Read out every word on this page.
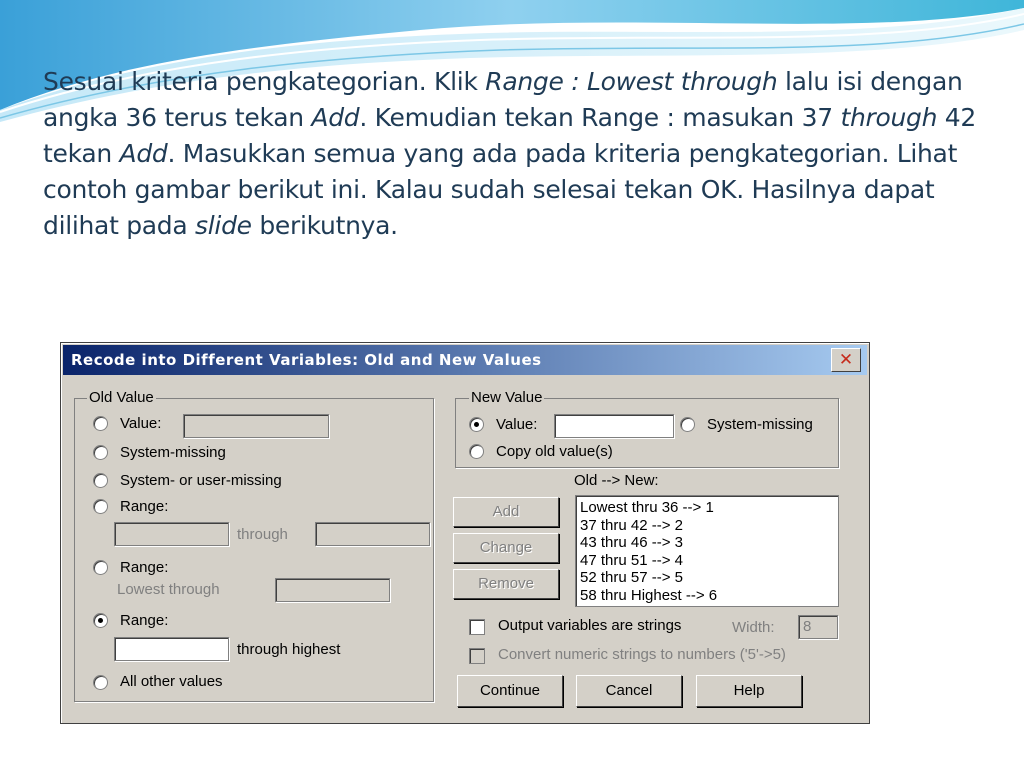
Sesuai kriteria pengkategorian. Klik Range : Lowest through lalu isi dengan angka 36 terus tekan Add. Kemudian tekan Range : masukan 37 through 42 tekan Add. Masukkan semua yang ada pada kriteria pengkategorian. Lihat contoh gambar berikut ini. Kalau sudah selesai tekan OK. Hasilnya dapat dilihat pada slide berikutnya.
Recode into Different Variables: Old and New Values	✕
Old Value
Value:
System-missing
System- or user-missing
Range:
through
Range:
Lowest through
Range:
through highest
All other values
New Value
Value:	System-missing
Copy old value(s)
Old --> New:
Add
Change
Remove
Lowest thru 36 --> 1
37 thru 42 --> 2
43 thru 46 --> 3
47 thru 51 --> 4
52 thru 57 --> 5
58 thru Highest --> 6
Output variables are strings	Width:	8
Convert numeric strings to numbers ('5'->5)
Continue	Cancel	Help
